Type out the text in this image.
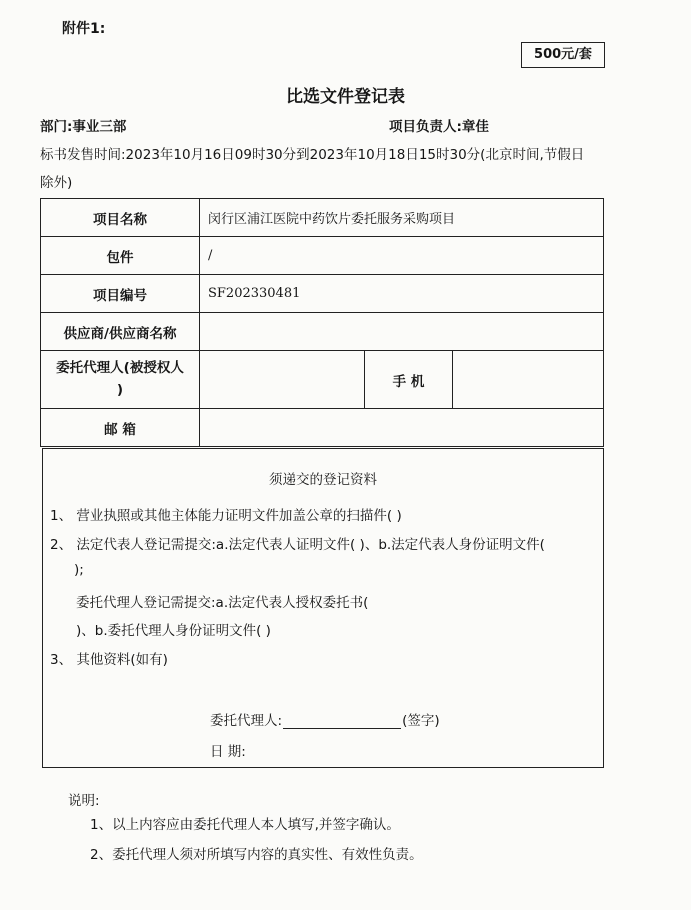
附件1:
500元/套
比选文件登记表
部门:事业三部	项目负责人:章佳
标书发售时间:2023年10月16日09时30分到2023年10月18日15时30分(北京时间,节假日
除外)
项目名称	闵行区浦江医院中药饮片委托服务采购项目		
包件	/		
项目编号	SF202330481		
供应商/供应商名称			

委托代理人(被授权人
)		手 机	
邮 箱			
须递交的登记资料
1、 营业执照或其他主体能力证明文件加盖公章的扫描件( )
2、 法定代表人登记需提交:a.法定代表人证明文件( )、b.法定代表人身份证明文件(
);
委托代理人登记需提交:a.法定代表人授权委托书(
)、b.委托代理人身份证明文件( )
3、 其他资料(如有)
委托代理人:	(签字)
日 期:
说明:
1、以上内容应由委托代理人本人填写,并签字确认。
2、委托代理人须对所填写内容的真实性、有效性负责。
